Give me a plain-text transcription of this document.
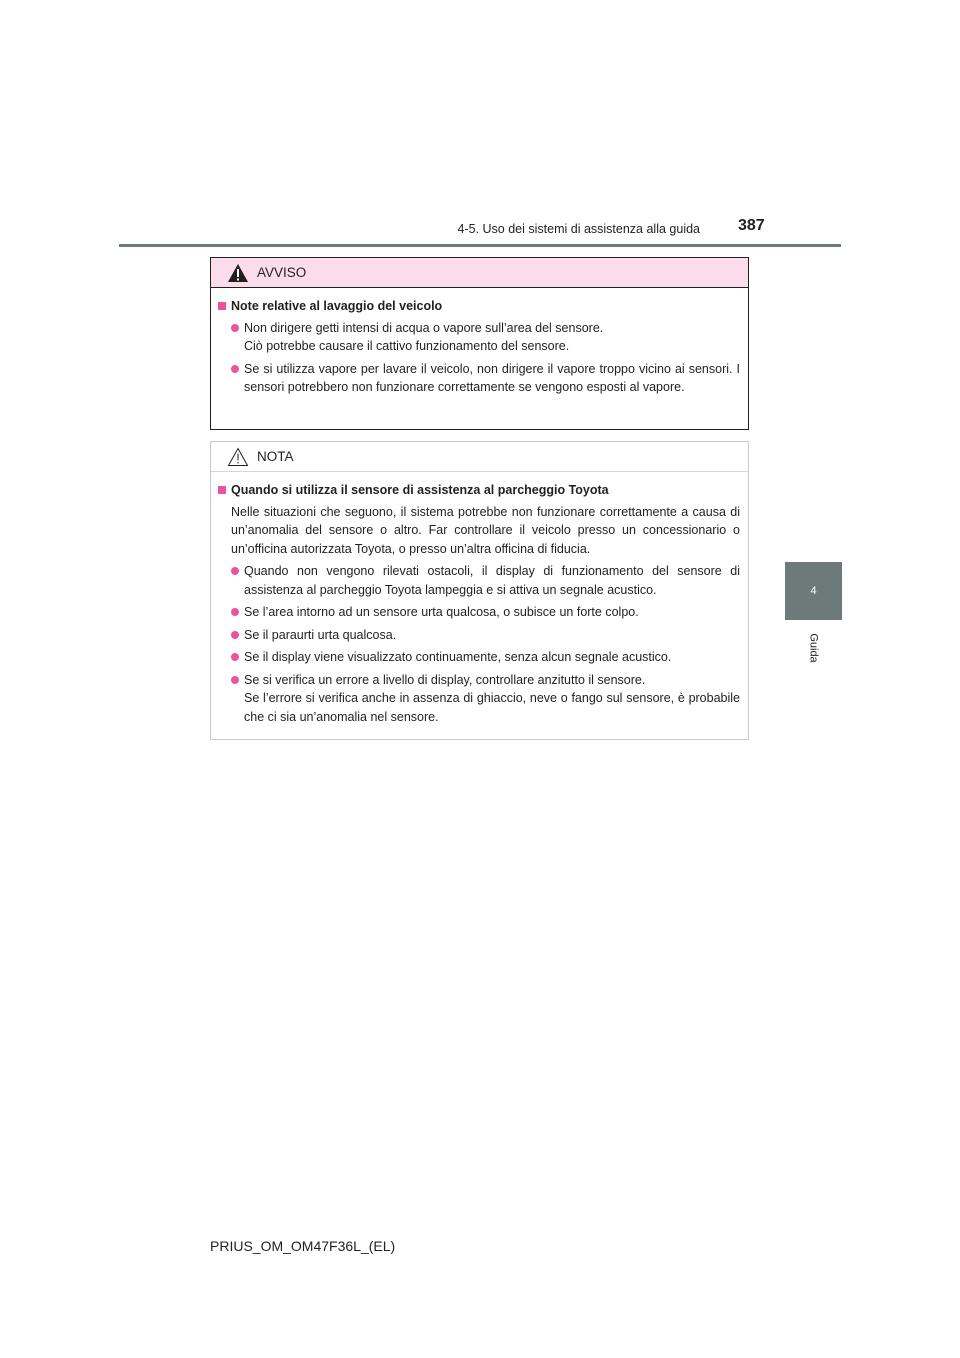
4-5. Uso dei sistemi di assistenza alla guida 387
4
Guida
AVVISO
Note relative al lavaggio del veicolo
Non dirigere getti intensi di acqua o vapore sull’area del sensore.
Ciò potrebbe causare il cattivo funzionamento del sensore.
Se si utilizza vapore per lavare il veicolo, non dirigere il vapore troppo vicino ai sensori. I sensori potrebbero non funzionare correttamente se vengono esposti al vapore.
NOTA
Quando si utilizza il sensore di assistenza al parcheggio Toyota
Nelle situazioni che seguono, il sistema potrebbe non funzionare correttamente a causa di un’anomalia del sensore o altro. Far controllare il veicolo presso un concessionario o un’officina autorizzata Toyota, o presso un’altra officina di fiducia.
Quando non vengono rilevati ostacoli, il display di funzionamento del sensore di assistenza al parcheggio Toyota lampeggia e si attiva un segnale acustico.
Se l’area intorno ad un sensore urta qualcosa, o subisce un forte colpo.
Se il paraurti urta qualcosa.
Se il display viene visualizzato continuamente, senza alcun segnale acustico.
Se si verifica un errore a livello di display, controllare anzitutto il sensore.
Se l’errore si verifica anche in assenza di ghiaccio, neve o fango sul sensore, è probabile che ci sia un’anomalia nel sensore.
PRIUS_OM_OM47F36L_(EL)
